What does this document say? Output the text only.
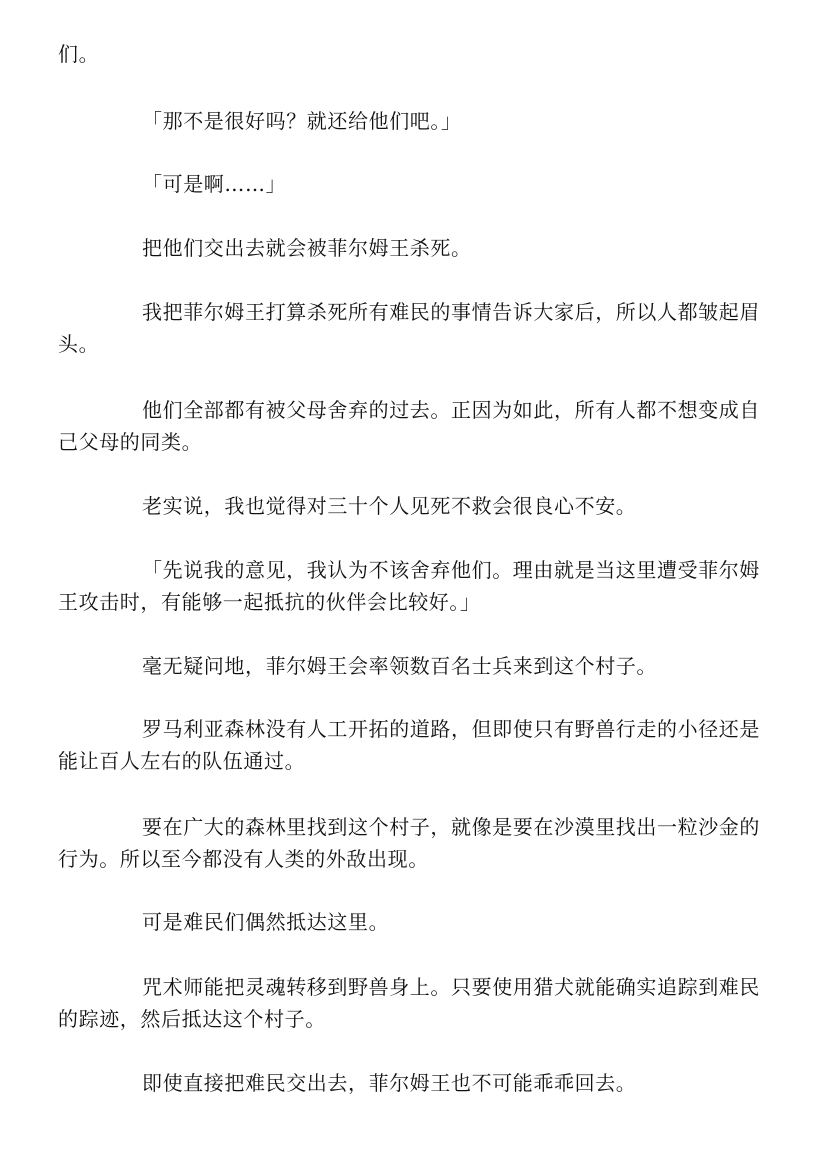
们。

「那不是很好吗？就还给他们吧。」

「可是啊……」

把他们交出去就会被菲尔姆王杀死。

我把菲尔姆王打算杀死所有难民的事情告诉大家后，所以人都皱起眉头。

他们全部都有被父母舍弃的过去。正因为如此，所有人都不想变成自己父母的同类。

老实说，我也觉得对三十个人见死不救会很良心不安。

「先说我的意见，我认为不该舍弃他们。理由就是当这里遭受菲尔姆王攻击时，有能够一起抵抗的伙伴会比较好。」

毫无疑问地，菲尔姆王会率领数百名士兵来到这个村子。

罗马利亚森林没有人工开拓的道路，但即使只有野兽行走的小径还是能让百人左右的队伍通过。

要在广大的森林里找到这个村子，就像是要在沙漠里找出一粒沙金的行为。所以至今都没有人类的外敌出现。

可是难民们偶然抵达这里。

咒术师能把灵魂转移到野兽身上。只要使用猎犬就能确实追踪到难民的踪迹，然后抵达这个村子。

即使直接把难民交出去，菲尔姆王也不可能乖乖回去。
